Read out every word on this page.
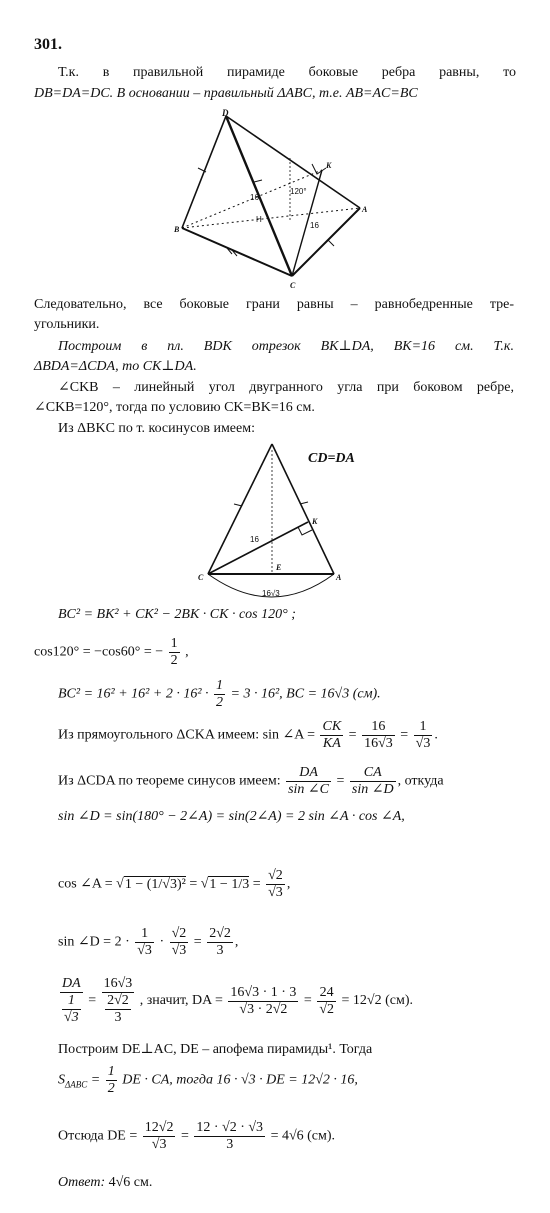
301.
Т.к. в правильной пирамиде боковые ребра равны, то
DB=DA=DC. В основании – правильный ΔABC, т.е. AB=AC=BC
D
K
A
B
C
120°
16
16
H
Следовательно, все боковые грани равны – равнобедренные тре-
угольники.
Построим в пл. BDK отрезок BK⊥DA, BK=16 см. Т.к.
ΔBDA=ΔCDA, то CK⊥DA.
∠CKB – линейный угол двугранного угла при боковом ребре,
∠CKB=120°, тогда по условию CK=BK=16 см.
Из ΔBKC по т. косинусов имеем:
CD=DA
K
C	A
E
16
16√3
BC² = BK² + CK² − 2BK · CK · cos 120° ;
cos120° = −cos60° = − $\frac{1}{2}$ ,
$BC^2 = 16^2 + 16^2 + 2 \cdot 16^2 \cdot \frac{1}{2} = 3 \cdot 16^2$, BC = 16√3 (см).
Из прямоугольного ΔCKA имеем: sin ∠A = $\frac{CK}{KA} = \frac{16}{16√3} = \frac{1}{√3}$ .
Из ΔCDA по теореме синусов имеем: $\frac{DA}{\sin \angle C} = \frac{CA}{\sin \angle D}$ , откуда
sin ∠D = sin(180° − 2∠A) = sin(2∠A) = 2 sin ∠A · cos ∠A,
cos ∠A = $√1 - (1/√3)^2 = √1 - 1/3 = \frac{√2}{√3}$ ,
sin ∠D = $2 \cdot \frac{1}{√3} \cdot \frac{√2}{√3} = \frac{2√2}{3}$ ,
$\frac{DA}{\frac{1}{√3}} = \frac{16√3}{\frac{2√2}{3}}$ , значит, DA = $\frac{16√3 \cdot 1 \cdot 3}{√3 \cdot 2√2} = \frac{24}{√2} = 12√2$ (см).
Построим DE⊥AC, DE – апофема пирамиды¹. Тогда
$S_{\Delta ABC} = \frac{1}{2}$ DE · CA, тогда 16 · √3 · DE = 12√2 · 16,
Отсюда DE = $\frac{12√2}{√3} = \frac{12 \cdot √2 \cdot √3}{3} = 4√6$ (см).
Ответ: 4√6 см.
